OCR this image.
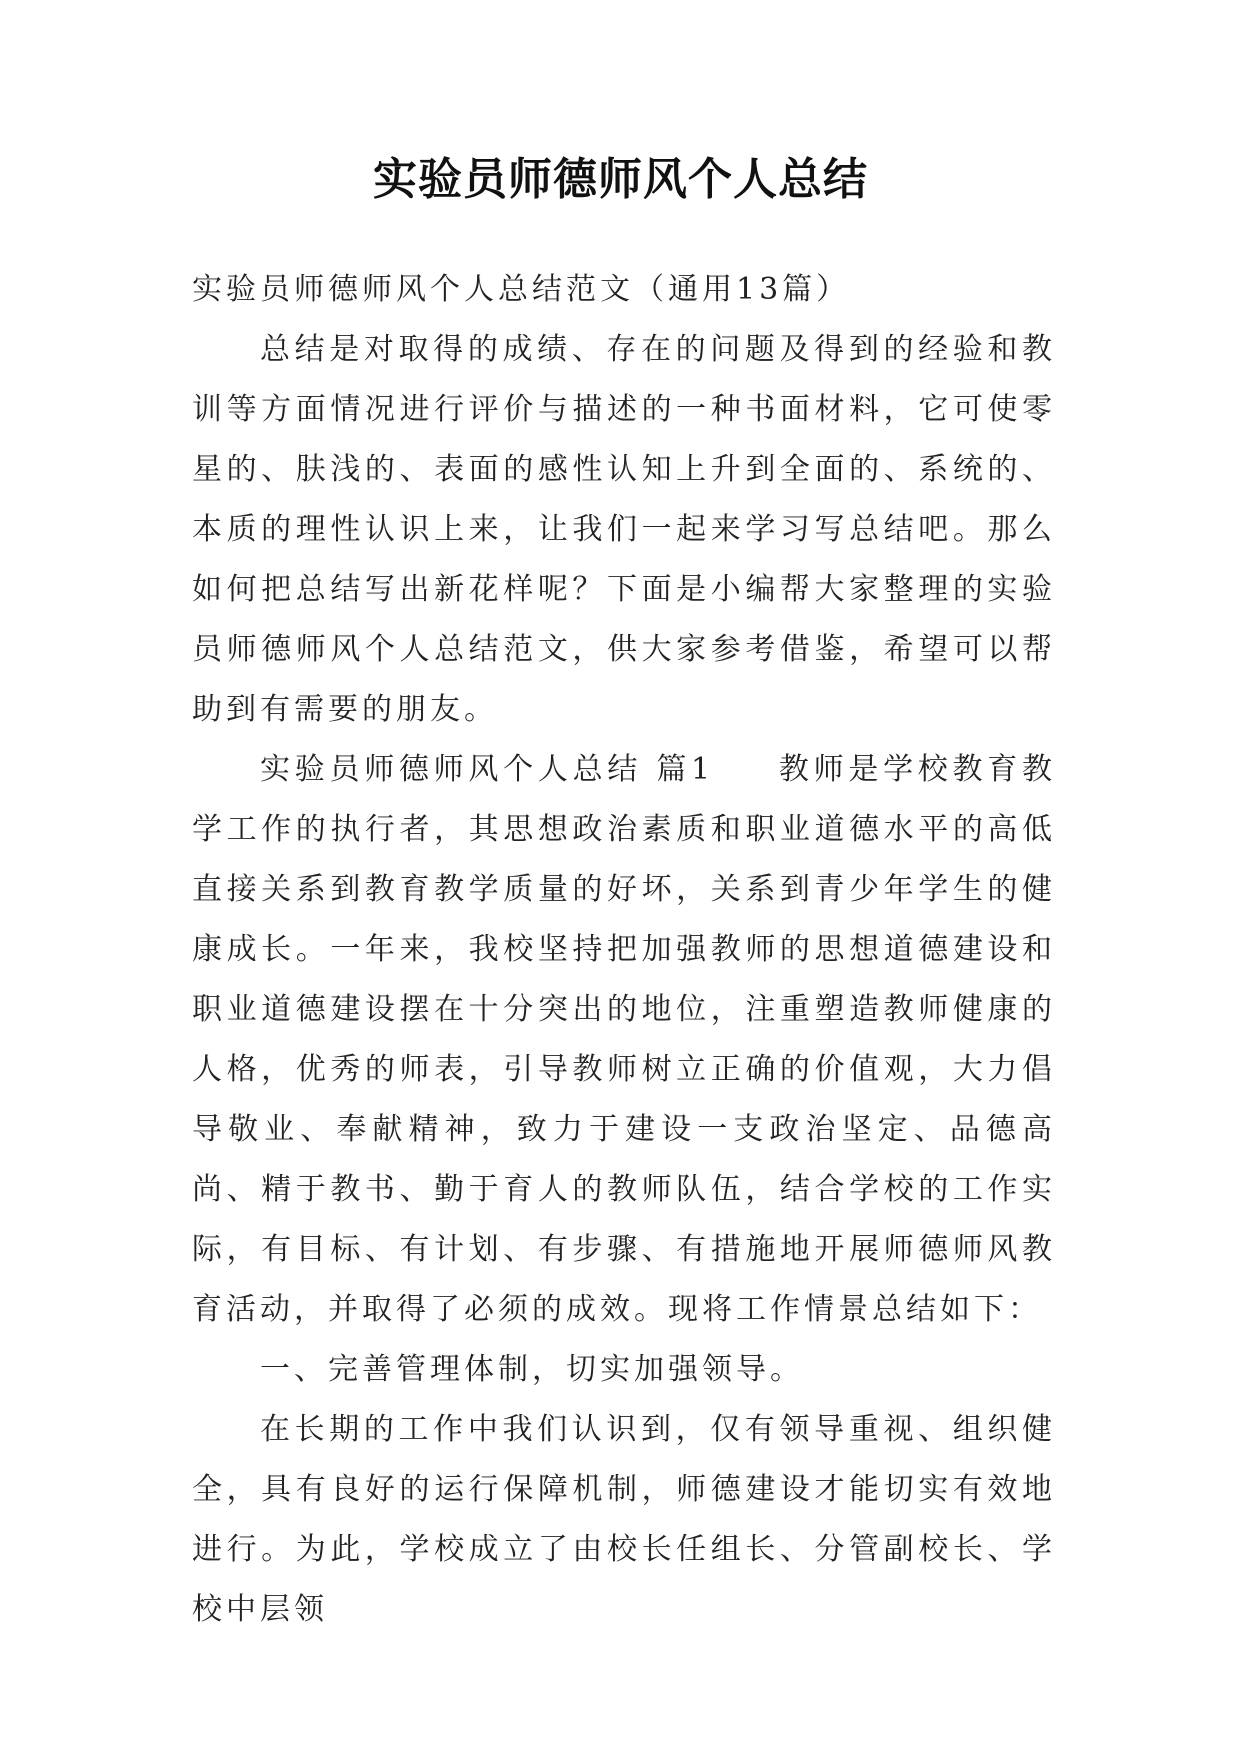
实验员师德师风个人总结

实验员师德师风个人总结范文（通用13篇）

总结是对取得的成绩、存在的问题及得到的经验和教训等方面情况进行评价与描述的一种书面材料，它可使零星的、肤浅的、表面的感性认知上升到全面的、系统的、本质的理性认识上来，让我们一起来学习写总结吧。那么如何把总结写出新花样呢？下面是小编帮大家整理的实验员师德师风个人总结范文，供大家参考借鉴，希望可以帮助到有需要的朋友。

实验员师德师风个人总结 篇1 教师是学校教育教学工作的执行者，其思想政治素质和职业道德水平的高低直接关系到教育教学质量的好坏，关系到青少年学生的健康成长。一年来，我校坚持把加强教师的思想道德建设和职业道德建设摆在十分突出的地位，注重塑造教师健康的人格，优秀的师表，引导教师树立正确的价值观，大力倡导敬业、奉献精神，致力于建设一支政治坚定、品德高尚、精于教书、勤于育人的教师队伍，结合学校的工作实际，有目标、有计划、有步骤、有措施地开展师德师风教育活动，并取得了必须的成效。现将工作情景总结如下：

一、完善管理体制，切实加强领导。

在长期的工作中我们认识到，仅有领导重视、组织健全，具有良好的运行保障机制，师德建设才能切实有效地进行。为此，学校成立了由校长任组长、分管副校长、学校中层领
